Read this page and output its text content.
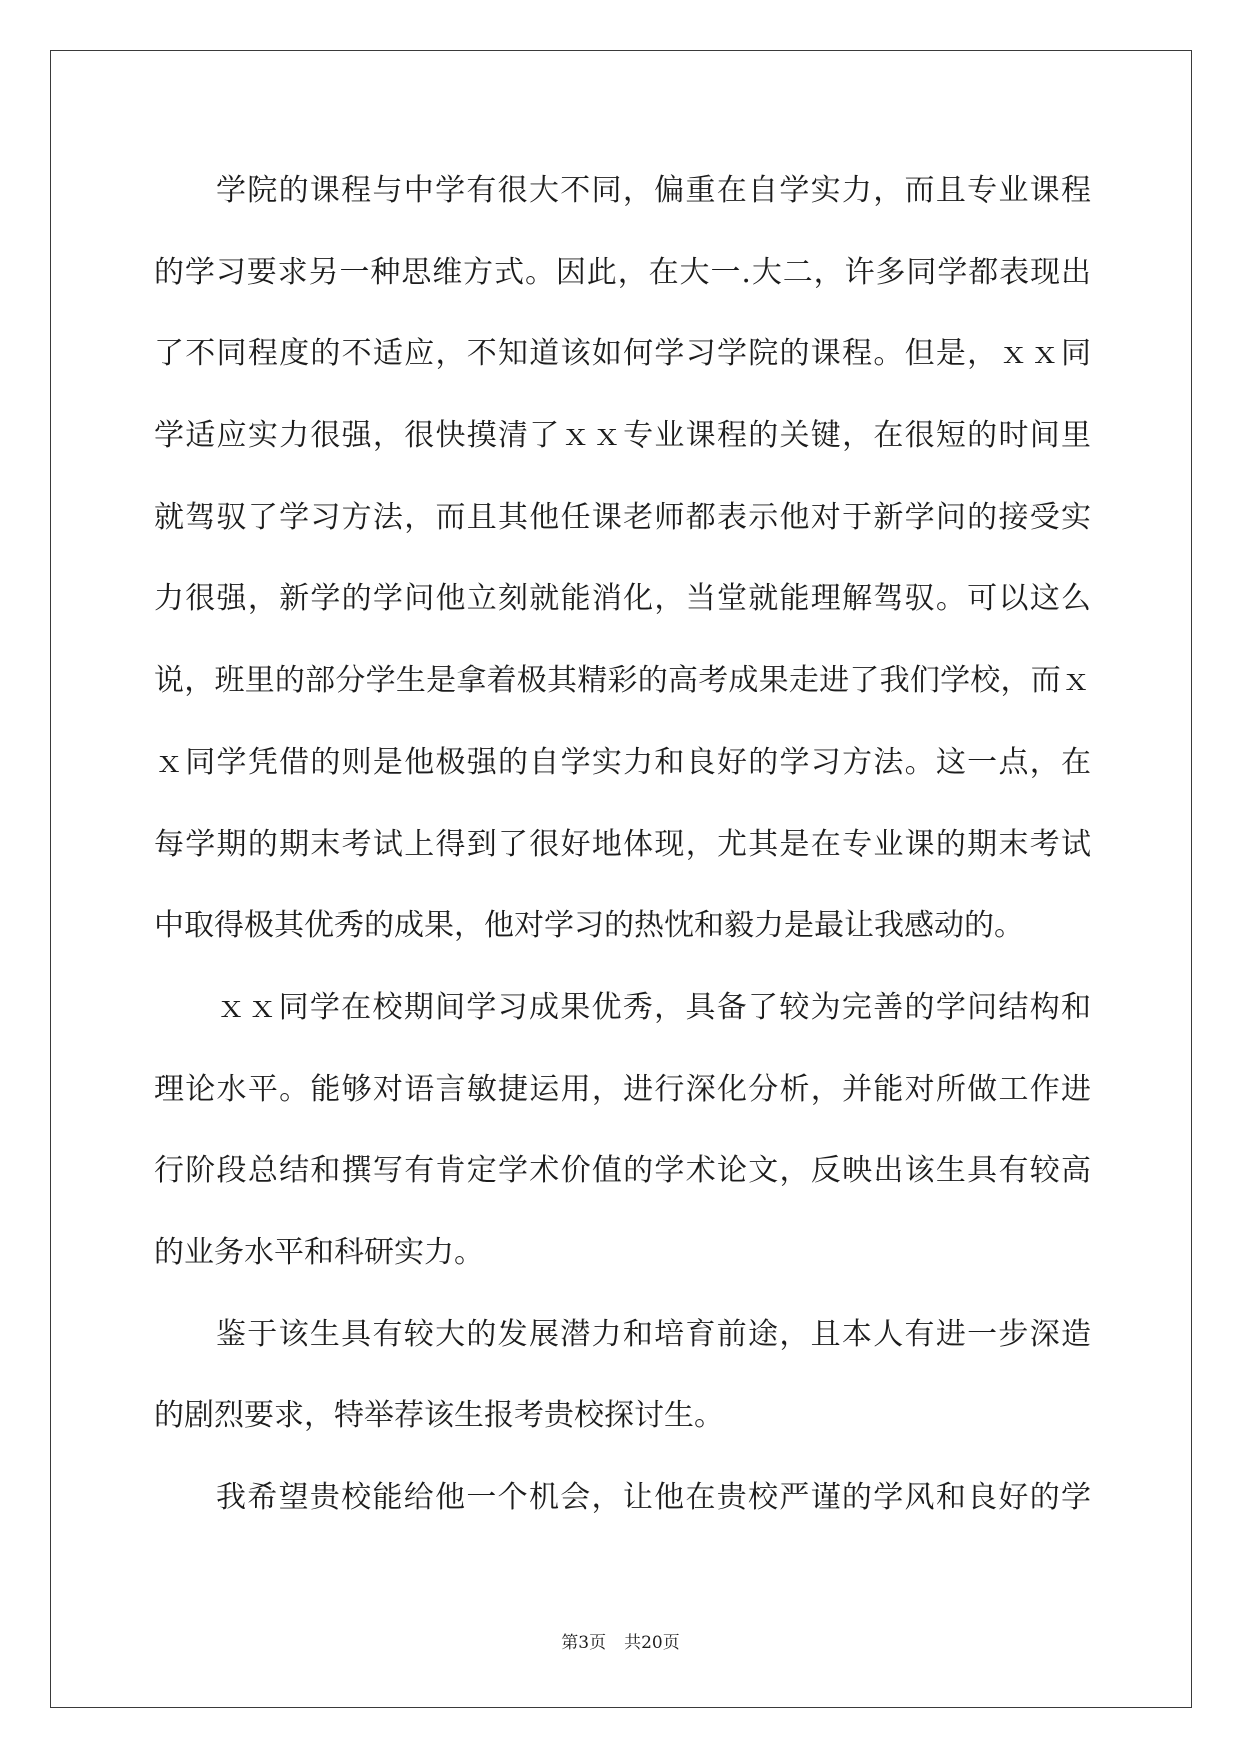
学院的课程与中学有很大不同，偏重在自学实力，而且专业课程
的学习要求另一种思维方式。因此，在大一.大二，许多同学都表现出
了不同程度的不适应，不知道该如何学习学院的课程。但是，ｘｘ同
学适应实力很强，很快摸清了ｘｘ专业课程的关键，在很短的时间里
就驾驭了学习方法，而且其他任课老师都表示他对于新学问的接受实
力很强，新学的学问他立刻就能消化，当堂就能理解驾驭。可以这么
说，班里的部分学生是拿着极其精彩的高考成果走进了我们学校，而ｘ
ｘ同学凭借的则是他极强的自学实力和良好的学习方法。这一点，在
每学期的期末考试上得到了很好地体现，尤其是在专业课的期末考试
中取得极其优秀的成果，他对学习的热忱和毅力是最让我感动的。
ｘｘ同学在校期间学习成果优秀，具备了较为完善的学问结构和
理论水平。能够对语言敏捷运用，进行深化分析，并能对所做工作进
行阶段总结和撰写有肯定学术价值的学术论文，反映出该生具有较高
的业务水平和科研实力。
鉴于该生具有较大的发展潜力和培育前途，且本人有进一步深造
的剧烈要求，特举荐该生报考贵校探讨生。
我希望贵校能给他一个机会，让他在贵校严谨的学风和良好的学
第3页 共20页
